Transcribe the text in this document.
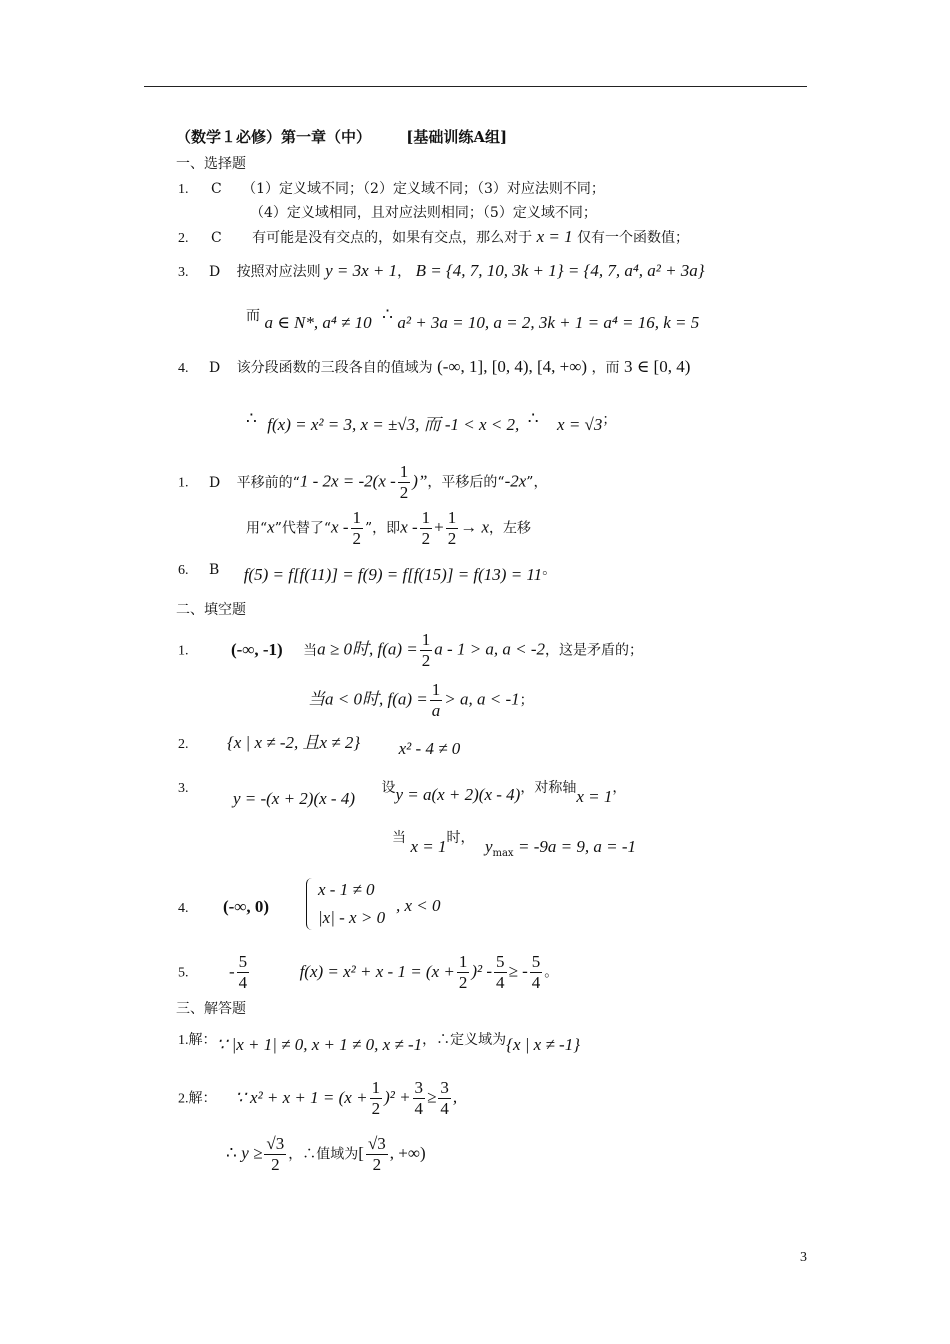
（数学１必修）第一章（中） [基础训练A组]
一、选择题
1. C （1）定义域不同；（2）定义域不同；（3）对应法则不同；
（4）定义域相同，且对应法则相同；（5）定义域不同；
2. C 有可能是没有交点的，如果有交点，那么对于 x = 1 仅有一个函数值；
3. D 按照对应法则 y = 3x + 1， B = {4, 7, 10, 3k + 1} = {4, 7, a⁴, a² + 3a}
而 a ∈ N*, a⁴ ≠ 10 ∴ a² + 3a = 10, a = 2, 3k + 1 = a⁴ = 16, k = 5
4. D 该分段函数的三段各自的值域为 (-∞, 1], [0, 4), [4, +∞) ，而 3 ∈ [0, 4)
∴ f(x) = x² = 3, x = ±√3, 而 -1 < x < 2, ∴ x = √3；
1. D 平移前的“$1 - 2x = -2(x - \frac{1}{2}$ )”，平移后的“-2x”，
用“x”代替了“x - $\frac{1}{2}$ ”，即$x - \frac{1}{2} + \frac{1}{2} \to x$，左移
6. B f(5) = f[f(11)] = f(9) = f[f(15)] = f(13) = 11。
二、填空题
1. (-∞, -1) 当a ≥ 0时, $f(a) = \frac{1}{2}$ a - 1 > a, a < -2，这是矛盾的；
当a < 0时, $f(a) = \frac{1}{a} > a$, a < -1；
2. {x | x ≠ -2, 且x ≠ 2} x² - 4 ≠ 0
3. y = -(x + 2)(x - 4) 设y = a(x + 2)(x - 4)，对称轴x = 1，
当 x = 1时， $y_{max} = -9a = 9$, a = -1
4. (-∞, 0)
x - 1 ≠ 0
|x| - x > 0
, x < 0
5. - $\frac{5}{4}$	$f(x) = x^2 + x - 1 = (x + \frac{1}{2} )^2 - \frac{5}{4}$ ≥ - $\frac{5}{4}$ 。
三、解答题
1.解：∵ |x + 1| ≠ 0, x + 1 ≠ 0, x ≠ -1，∴定义域为{x | x ≠ -1}
2.解： ∵ $x^2 + x + 1 = (x + \frac{1}{2} )^2 + \frac{3}{4} \ge \frac{3}{4}$ ,
∴ $y \ge \frac{√3}{2}$ ，∴值域为[ $\frac{√3}{2}$ , +∞)
3
